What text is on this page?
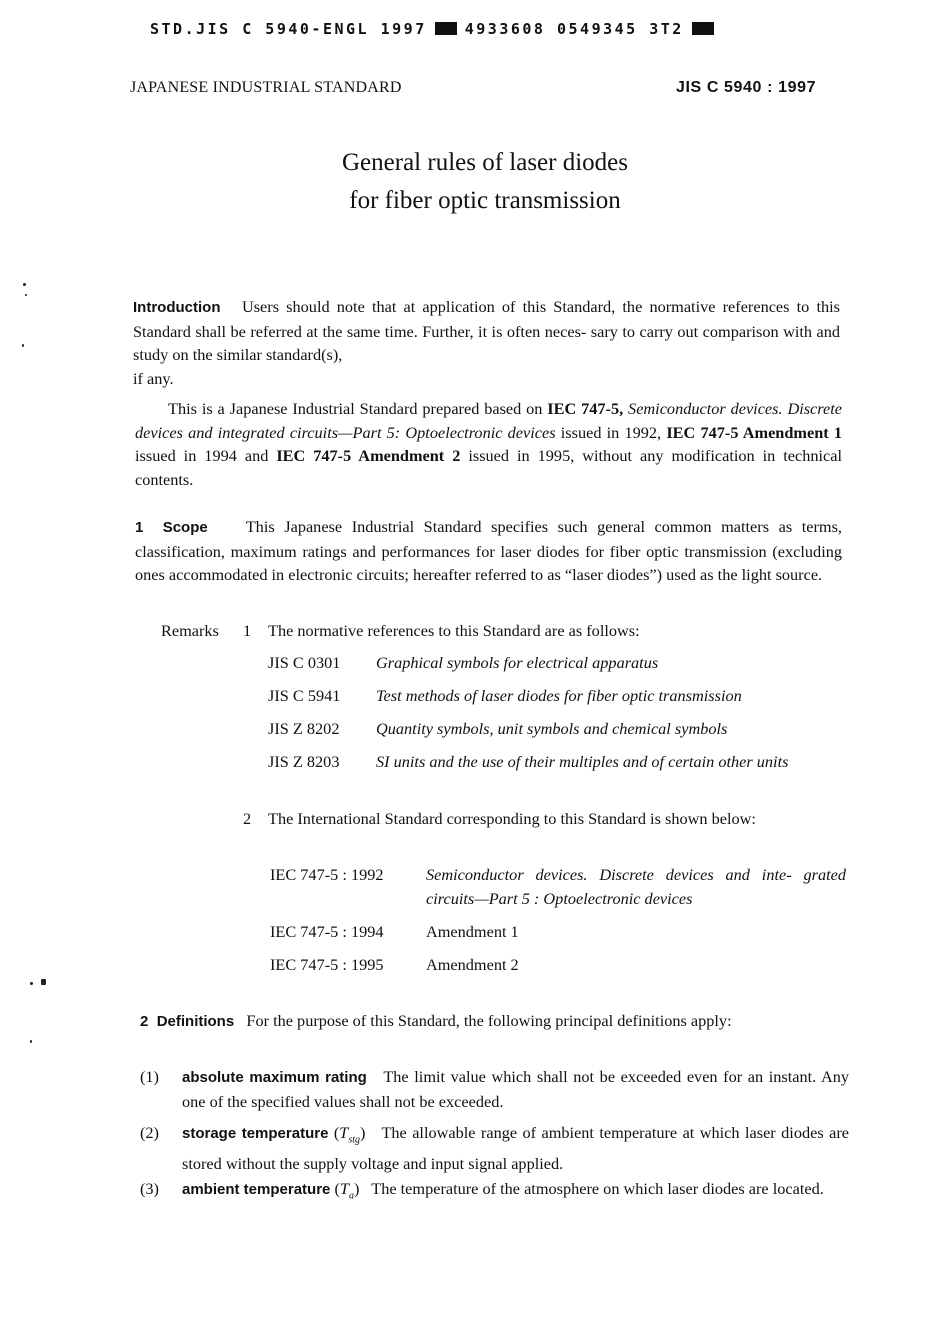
STD.JIS C 5940-ENGL 1997	4933608 0549345 3T2
JAPANESE INDUSTRIAL STANDARD	JIS C 5940 : 1997
General rules of laser diodes
for fiber optic transmission

Introduction Users should note that at application of this Standard, the normative references to this Standard shall be referred at the same time. Further, it is often neces- sary to carry out comparison with and study on the similar standard(s),

if any.

This is a Japanese Industrial Standard prepared based on IEC 747-5, Semiconductor devices. Discrete devices and integrated circuits—Part 5: Optoelectronic devices issued in 1992, IEC 747-5 Amendment 1 issued in 1994 and IEC 747-5 Amendment 2 issued in 1995, without any modification in technical contents.

1 Scope This Japanese Industrial Standard specifies such general common matters as terms, classification, maximum ratings and performances for laser diodes for fiber optic transmission (excluding ones accommodated in electronic circuits; hereafter referred to as “laser diodes”) used as the light source.

Remarks 1 The normative references to this Standard are as follows:
JIS C 0301 Graphical symbols for electrical apparatus
JIS C 5941 Test methods of laser diodes for fiber optic transmission
JIS Z 8202 Quantity symbols, unit symbols and chemical symbols
JIS Z 8203 SI units and the use of their multiples and of certain other units
2 The International Standard corresponding to this Standard is shown below:

IEC 747-5 : 1992	Semiconductor devices. Discrete devices and inte- grated circuits—Part 5 : Optoelectronic devices

IEC 747-5 : 1994	Amendment 1
IEC 747-5 : 1995	Amendment 2

2 Definitions For the purpose of this Standard, the following principal definitions apply:

(1) absolute maximum rating The limit value which shall not be exceeded even for an instant. Any one of the specified values shall not be exceeded.

(2) storage temperature $(T_{stg})$   The allowable range of ambient temperature at which laser diodes are stored without the supply voltage and input signal applied.

(3) ambient temperature $(T_a)$   The temperature of the atmosphere on which laser diodes are located.
